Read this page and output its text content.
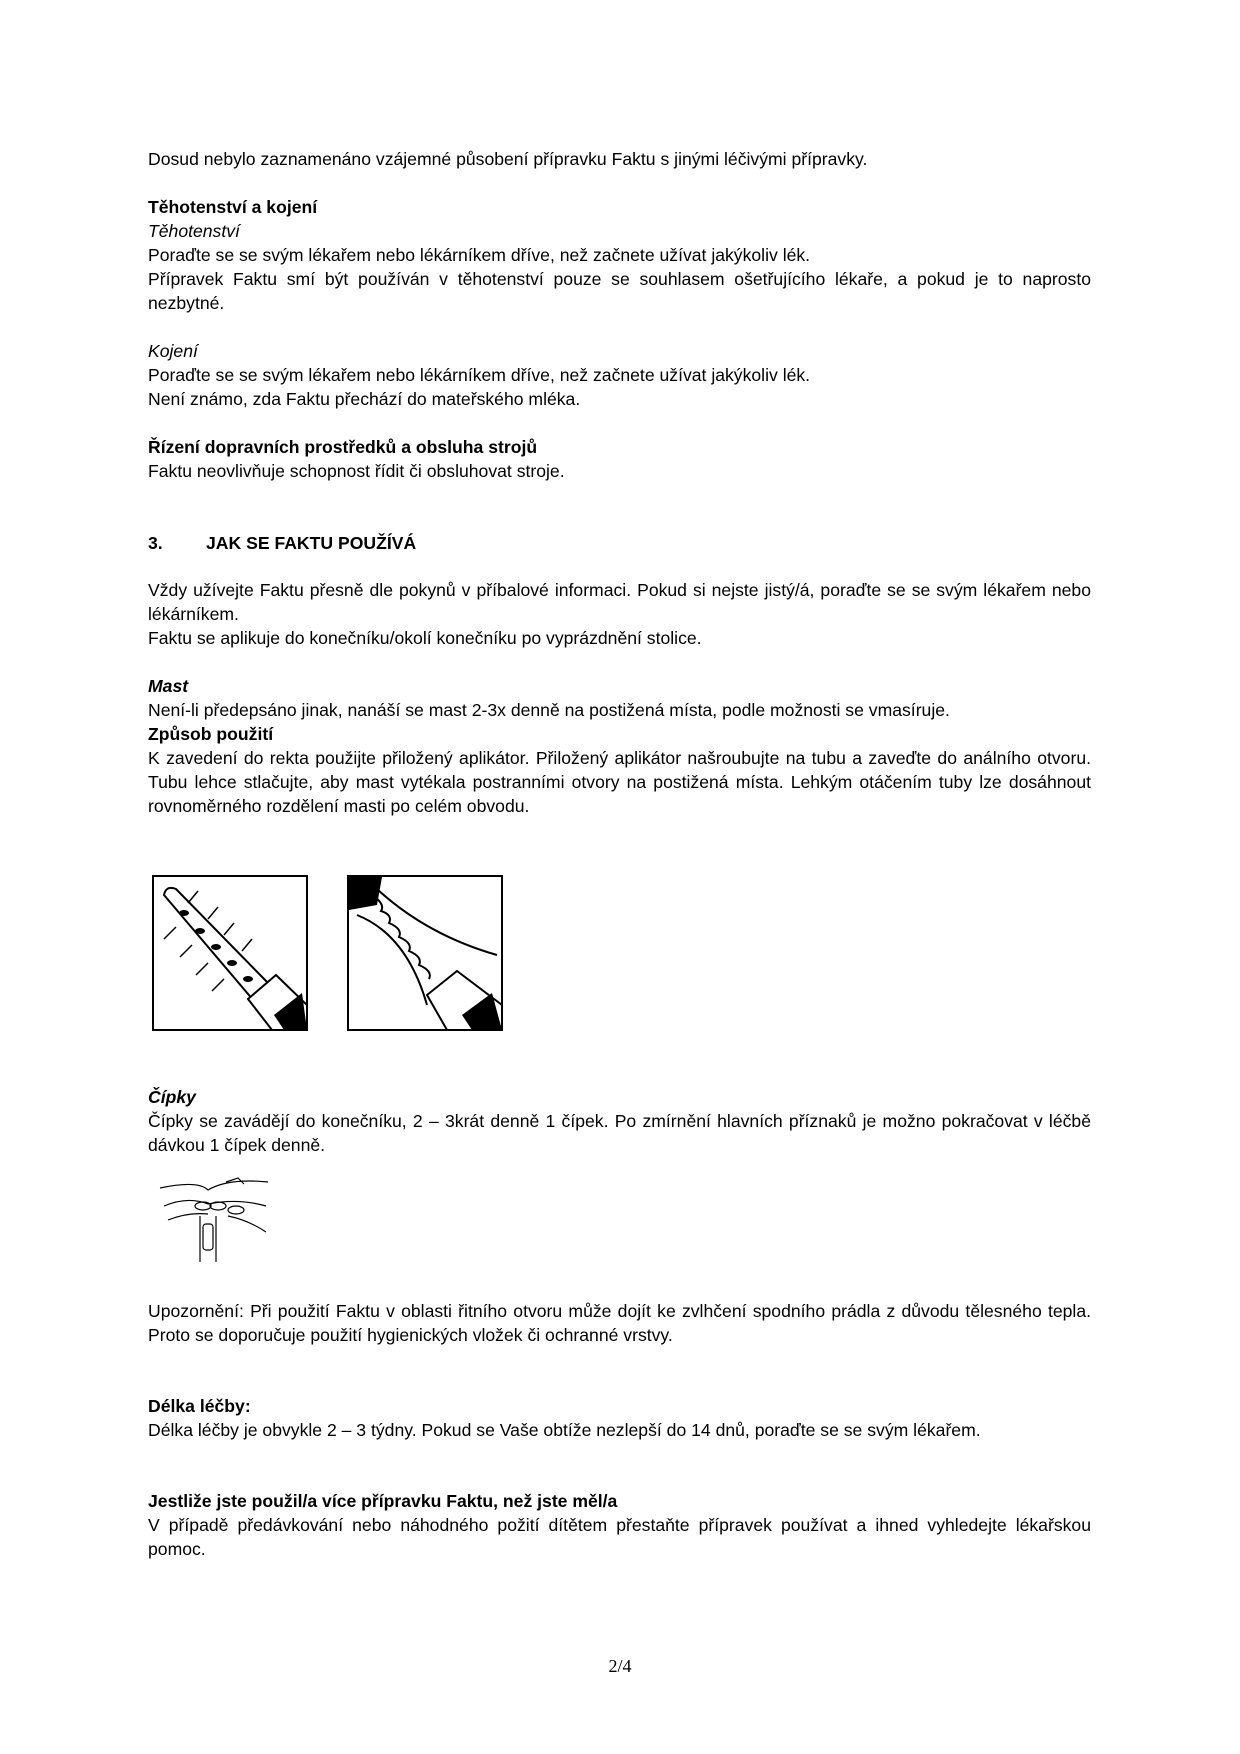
Dosud nebylo zaznamenáno vzájemné působení přípravku Faktu s jinými léčivými přípravky.

Těhotenství a kojení

Těhotenství

Poraďte se se svým lékařem nebo lékárníkem dříve, než začnete užívat jakýkoliv lék.

Přípravek Faktu smí být používán v těhotenství pouze se souhlasem ošetřujícího lékaře, a pokud je to naprosto nezbytné.

Kojení

Poraďte se se svým lékařem nebo lékárníkem dříve, než začnete užívat jakýkoliv lék.

Není známo, zda Faktu přechází do mateřského mléka.

Řízení dopravních prostředků a obsluha strojů

Faktu neovlivňuje schopnost řídit či obsluhovat stroje.

3. JAK SE FAKTU POUŽÍVÁ

Vždy užívejte Faktu přesně dle pokynů v příbalové informaci. Pokud si nejste jistý/á, poraďte se se svým lékařem nebo lékárníkem.

Faktu se aplikuje do konečníku/okolí konečníku po vyprázdnění stolice.

Mast

Není-li předepsáno jinak, nanáší se mast 2-3x denně na postižená místa, podle možnosti se vmasíruje.

Způsob použití

K zavedení do rekta použijte přiložený aplikátor. Přiložený aplikátor našroubujte na tubu a zaveďte do análního otvoru. Tubu lehce stlačujte, aby mast vytékala postranními otvory na postižená místa. Lehkým otáčením tuby lze dosáhnout rovnoměrného rozdělení masti po celém obvodu.

Čípky

Čípky se zavádějí do konečníku, 2 – 3krát denně 1 čípek. Po zmírnění hlavních příznaků je možno pokračovat v léčbě dávkou 1 čípek denně.

Upozornění: Při použití Faktu v oblasti řitního otvoru může dojít ke zvlhčení spodního prádla z důvodu tělesného tepla. Proto se doporučuje použití hygienických vložek či ochranné vrstvy.

Délka léčby:

Délka léčby je obvykle 2 – 3 týdny. Pokud se Vaše obtíže nezlepší do 14 dnů, poraďte se se svým lékařem.

Jestliže jste použil/a více přípravku Faktu, než jste měl/a

V případě předávkování nebo náhodného požití dítětem přestaňte přípravek používat a ihned vyhledejte lékařskou pomoc.

2/4
